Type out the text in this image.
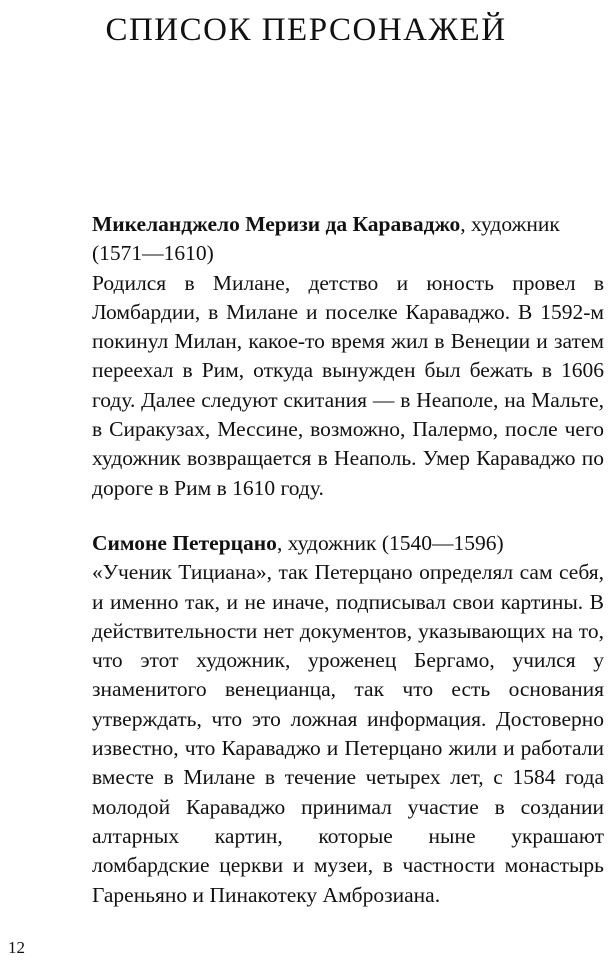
СПИСОК ПЕРСОНАЖЕЙ

Микеланджело Меризи да Караваджо, художник
(1571—1610)

Родился в Милане, детство и юность провел в Ломбардии, в Милане и поселке Караваджо. В 1592-м покинул Милан, какое-то время жил в Венеции и затем переехал в Рим, откуда вынужден был бежать в 1606 году. Далее следуют скитания — в Неаполе, на Мальте, в Сиракузах, Мессине, возможно, Палермо, после чего художник возвращается в Неаполь. Умер Караваджо по дороге в Рим в 1610 году.

Симоне Петерцано, художник (1540—1596)

«Ученик Тициана», так Петерцано определял сам себя, и именно так, и не иначе, подписывал свои картины. В действительности нет документов, указывающих на то, что этот художник, уроженец Бергамо, учился у знаменитого венецианца, так что есть основания утверждать, что это ложная информация. Достоверно известно, что Караваджо и Петерцано жили и работали вместе в Милане в течение четырех лет, с 1584 года молодой Караваджо принимал участие в создании алтарных картин, которые ныне украшают ломбардские церкви и музеи, в частности монастырь Гареньяно и Пинакотеку Амброзиана.

12
